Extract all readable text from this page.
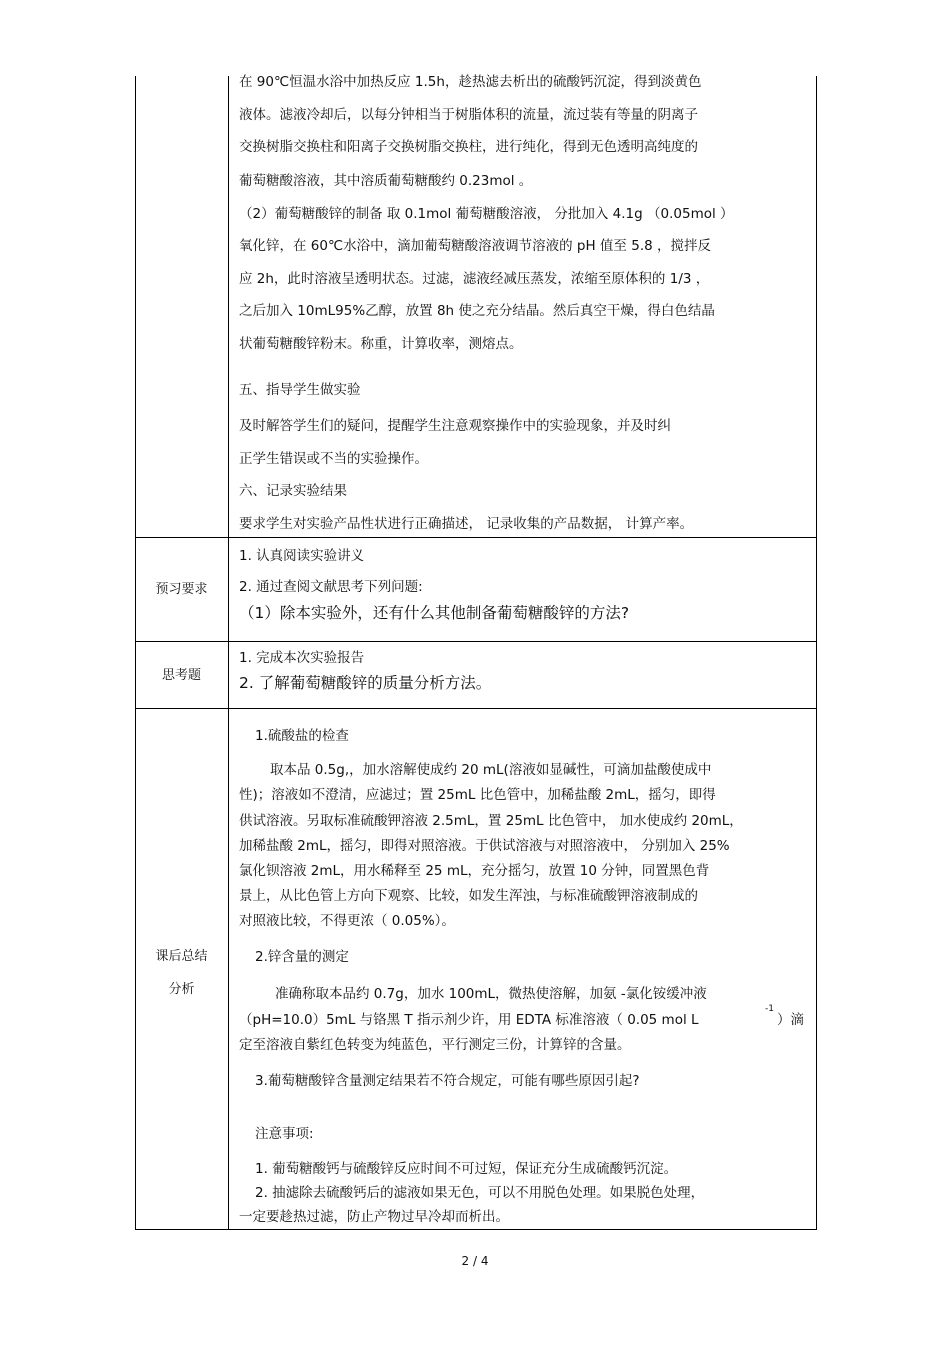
在 90℃恒温水浴中加热反应 1.5h，趁热滤去析出的硫酸钙沉淀，得到淡黄色
液体。滤液冷却后，以每分钟相当于树脂体积的流量，流过装有等量的阴离子
交换树脂交换柱和阳离子交换树脂交换柱，进行纯化，得到无色透明高纯度的
葡萄糖酸溶液，其中溶质葡萄糖酸约 0.23mol 。
（2）葡萄糖酸锌的制备 取 0.1mol 葡萄糖酸溶液， 分批加入 4.1g （0.05mol ）
氧化锌，在 60℃水浴中，滴加葡萄糖酸溶液调节溶液的 pH 值至 5.8 ，搅拌反
应 2h，此时溶液呈透明状态。过滤，滤液经减压蒸发，浓缩至原体积的 1/3 ，
之后加入 10mL95%乙醇，放置 8h 使之充分结晶。然后真空干燥，得白色结晶
状葡萄糖酸锌粉末。称重，计算收率，测熔点。
五、指导学生做实验
及时解答学生们的疑问，提醒学生注意观察操作中的实验现象，并及时纠
正学生错误或不当的实验操作。
六、记录实验结果
要求学生对实验产品性状进行正确描述， 记录收集的产品数据， 计算产率。
预习要求
1. 认真阅读实验讲义
2. 通过查阅文献思考下列问题:
（1）除本实验外，还有什么其他制备葡萄糖酸锌的方法?
思考题
1. 完成本次实验报告
2. 了解葡萄糖酸锌的质量分析方法。
课后总结
分析
1.硫酸盐的检查
取本品 0.5g,，加水溶解使成约 20 mL(溶液如显碱性，可滴加盐酸使成中
性)；溶液如不澄清，应滤过；置 25mL 比色管中，加稀盐酸 2mL，摇匀，即得
供试溶液。另取标准硫酸钾溶液 2.5mL，置 25mL 比色管中， 加水使成约 20mL，
加稀盐酸 2mL，摇匀，即得对照溶液。于供试溶液与对照溶液中， 分别加入 25%
氯化钡溶液 2mL，用水稀释至 25 mL，充分摇匀，放置 10 分钟，同置黑色背
景上，从比色管上方向下观察、比较，如发生浑浊，与标准硫酸钾溶液制成的
对照液比较，不得更浓（ 0.05%）。
2.锌含量的测定
准确称取本品约 0.7g，加水 100mL，微热使溶解，加氨 -氯化铵缓冲液
（pH=10.0）5mL 与铬黑 T 指示剂少许，用 EDTA 标准溶液（ 0.05 mol L
-1
）滴
定至溶液自紫红色转变为纯蓝色，平行测定三份，计算锌的含量。
3.葡萄糖酸锌含量测定结果若不符合规定，可能有哪些原因引起?
注意事项:
1. 葡萄糖酸钙与硫酸锌反应时间不可过短，保证充分生成硫酸钙沉淀。
2. 抽滤除去硫酸钙后的滤液如果无色，可以不用脱色处理。如果脱色处理，
一定要趁热过滤，防止产物过早冷却而析出。
2 / 4
